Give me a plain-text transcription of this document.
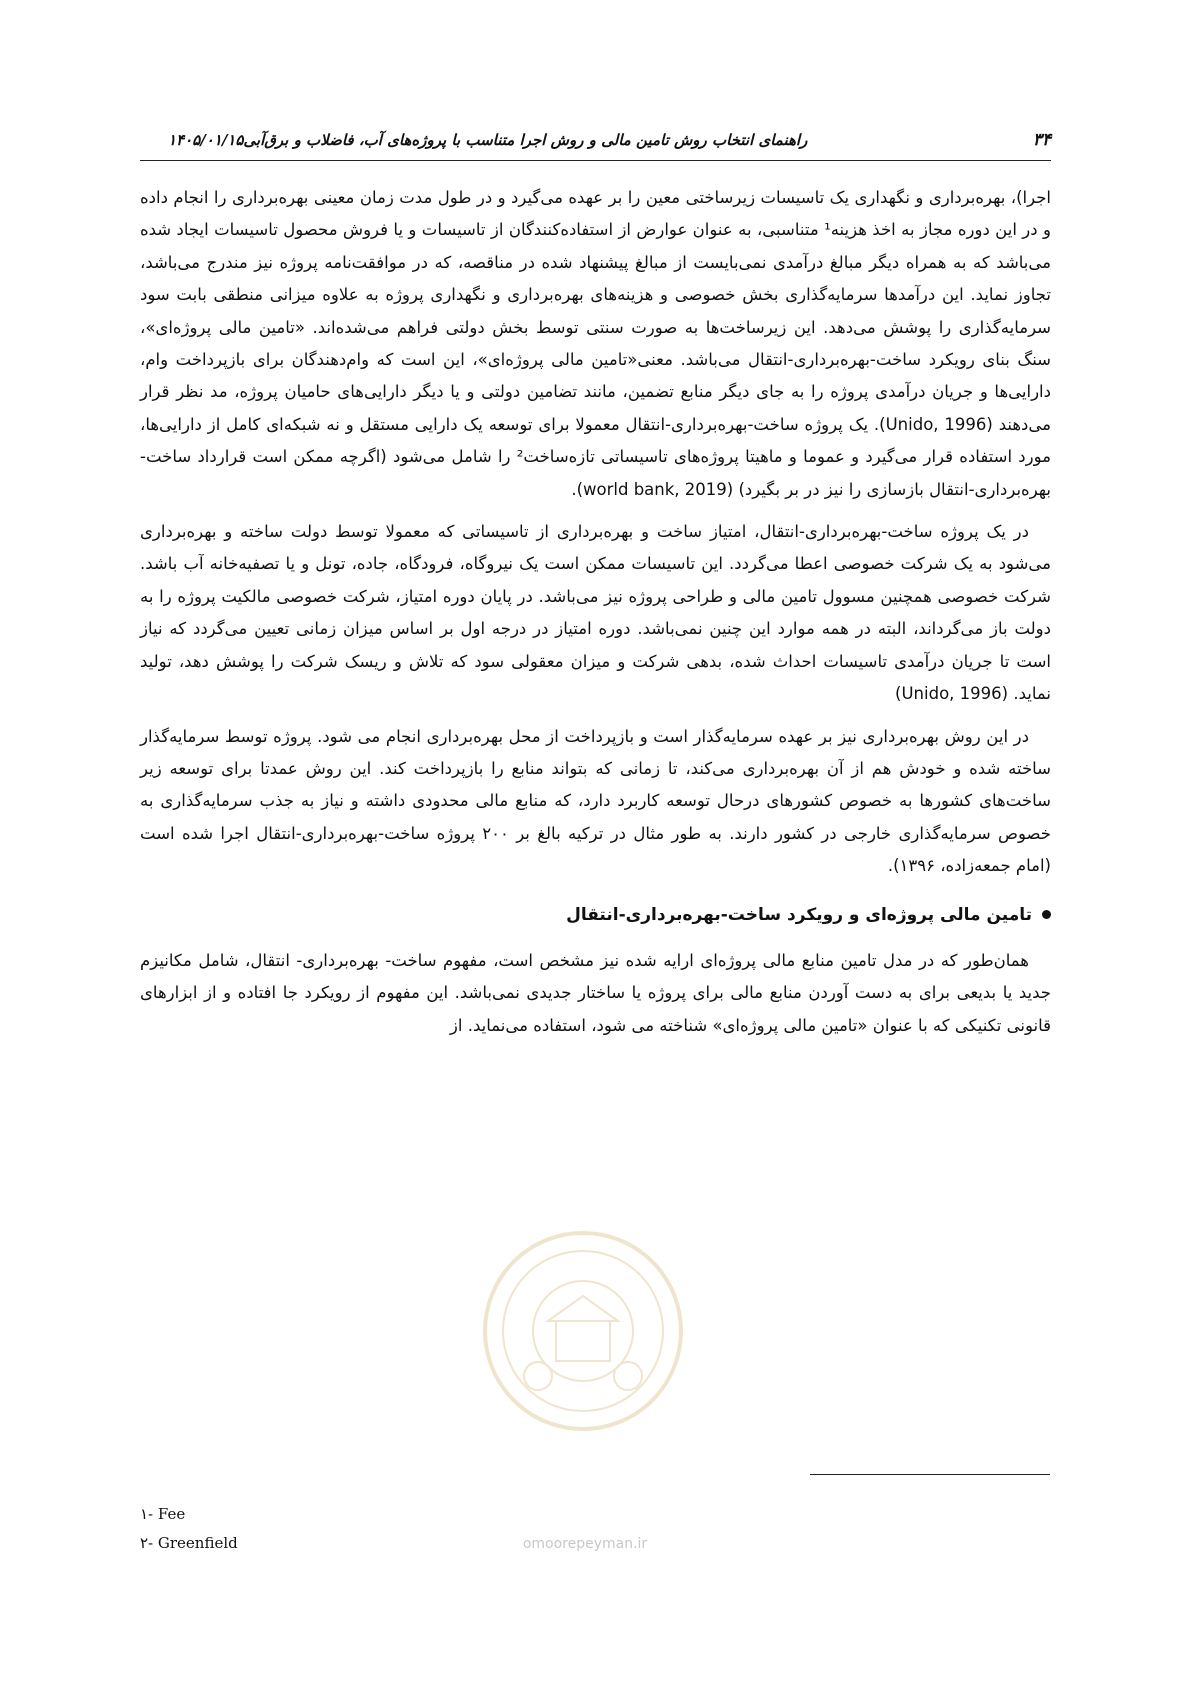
۳۴
راهنمای انتخاب روش تامین مالی و روش اجرا متناسب با پروژه‌های آب، فاضلاب و برق‌آبی۱۴۰۵/۰۱/۱۵

اجرا)، بهره‌برداری و نگهداری یک تاسیسات زیرساختی معین را بر عهده می‌گیرد و در طول مدت زمان معینی بهره‌برداری را انجام داده و در این دوره مجاز به اخذ هزینه¹ متناسبی، به عنوان عوارض از استفاده‌کنندگان از تاسیسات و یا فروش محصول تاسیسات ایجاد شده می‌باشد که به همراه دیگر مبالغ درآمدی نمی‌بایست از مبالغ پیشنهاد شده در مناقصه، که در موافقت‌نامه پروژه نیز مندرج می‌باشد، تجاوز نماید. این درآمدها سرمایه‌گذاری بخش خصوصی و هزینه‌های بهره‌برداری و نگهداری پروژه به علاوه میزانی منطقی بابت سود سرمایه‌گذاری را پوشش می‌دهد. این زیرساخت‌ها به صورت سنتی توسط بخش دولتی فراهم می‌شده‌اند. «تامین مالی پروژه‌ای»، سنگ بنای رویکرد ساخت-بهره‌برداری-انتقال می‌باشد. معنی«تامین مالی پروژه‌ای»، این است که وام‌دهندگان برای بازپرداخت وام، دارایی‌ها و جریان درآمدی پروژه را به جای دیگر منابع تضمین، مانند تضامین دولتی و یا دیگر دارایی‌های حامیان پروژه، مد نظر قرار می‌دهند (Unido, 1996). یک پروژه ساخت-بهره‌برداری-انتقال معمولا برای توسعه یک دارایی مستقل و نه شبکه‌ای کامل از دارایی‌ها، مورد استفاده قرار می‌گیرد و عموما و ماهیتا پروژه‌های تاسیساتی تازه‌ساخت² را شامل می‌شود (اگرچه ممکن است قرارداد ساخت-بهره‌برداری-انتقال بازسازی را نیز در بر بگیرد) (world bank, 2019).

در یک پروژه ساخت-بهره‌برداری-انتقال، امتیاز ساخت و بهره‌برداری از تاسیساتی که معمولا توسط دولت ساخته و بهره‌برداری می‌شود به یک شرکت خصوصی اعطا می‌گردد. این تاسیسات ممکن است یک نیروگاه، فرودگاه، جاده، تونل و یا تصفیه‌خانه آب باشد. شرکت خصوصی همچنین مسوول تامین مالی و طراحی پروژه نیز می‌باشد. در پایان دوره امتیاز، شرکت خصوصی مالکیت پروژه را به دولت باز می‌گرداند، البته در همه موارد این چنین نمی‌باشد. دوره امتیاز در درجه اول بر اساس میزان زمانی تعیین می‌گردد که نیاز است تا جریان درآمدی تاسیسات احداث شده، بدهی شرکت و میزان معقولی سود که تلاش و ریسک شرکت را پوشش دهد، تولید نماید. (Unido, 1996)

در این روش بهره‌برداری نیز بر عهده سرمایه‌گذار است و بازپرداخت از محل بهره‌برداری انجام می شود. پروژه توسط سرمایه‌گذار ساخته شده و خودش هم از آن بهره‌برداری می‌کند، تا زمانی که بتواند منابع را بازپرداخت کند. این روش عمدتا برای توسعه زیر ساخت‌های کشورها به خصوص کشورهای درحال توسعه کاربرد دارد، که منابع مالی محدودی داشته و نیاز به جذب سرمایه‌گذاری به خصوص سرمایه‌گذاری خارجی در کشور دارند. به طور مثال در ترکیه بالغ بر ۲۰۰ پروژه ساخت-بهره‌برداری-انتقال اجرا شده است (امام جمعه‌زاده، ۱۳۹۶).

تامین مالی پروژه‌ای و رویکرد ساخت-بهره‌برداری-انتقال

همان‌طور که در مدل تامین منابع مالی پروژه‌ای ارایه شده نیز مشخص است، مفهوم ساخت- بهره‌برداری- انتقال، شامل مکانیزم جدید یا بدیعی برای به دست آوردن منابع مالی برای پروژه یا ساختار جدیدی نمی‌باشد. این مفهوم از رویکرد جا افتاده و از ابزارهای قانونی تکنیکی که با عنوان «تامین مالی پروژه‌ای» شناخته می شود، استفاده می‌نماید. از

omoorepeyman.ir
۱- Fee
۲- Greenfield
